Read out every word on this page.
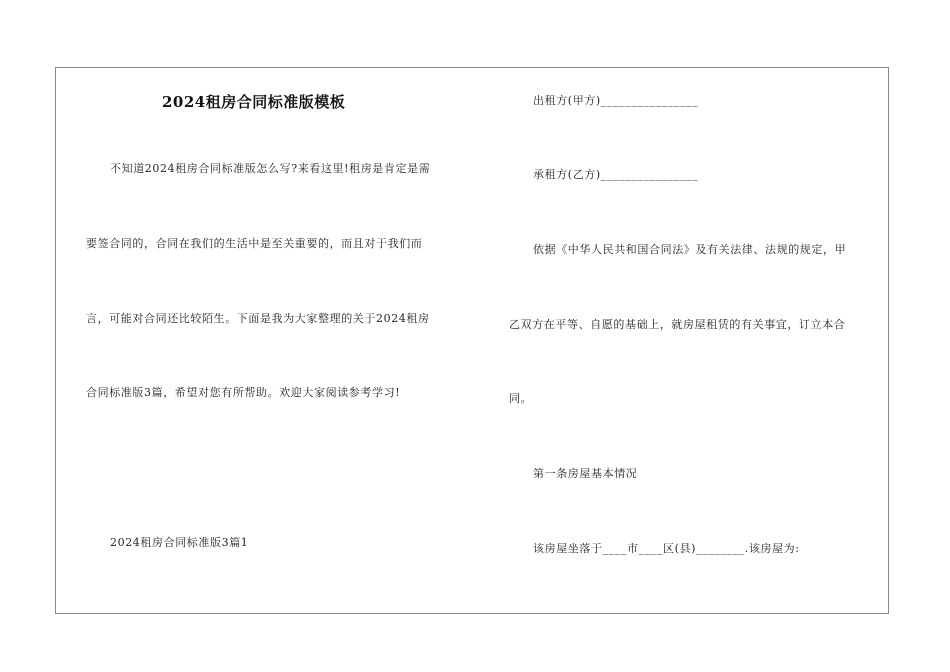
2024租房合同标准版模板
不知道2024租房合同标准版怎么写?来看这里!租房是肯定是需
要签合同的，合同在我们的生活中是至关重要的，而且对于我们而
言，可能对合同还比较陌生。下面是我为大家整理的关于2024租房
合同标准版3篇，希望对您有所帮助。欢迎大家阅读参考学习!
2024租房合同标准版3篇1
出租方(甲方)________________
承租方(乙方)________________
依据《中华人民共和国合同法》及有关法律、法规的规定，甲
乙双方在平等、自愿的基础上，就房屋租赁的有关事宜，订立本合
同。
第一条房屋基本情况
该房屋坐落于____市____区(县)________.该房屋为:
